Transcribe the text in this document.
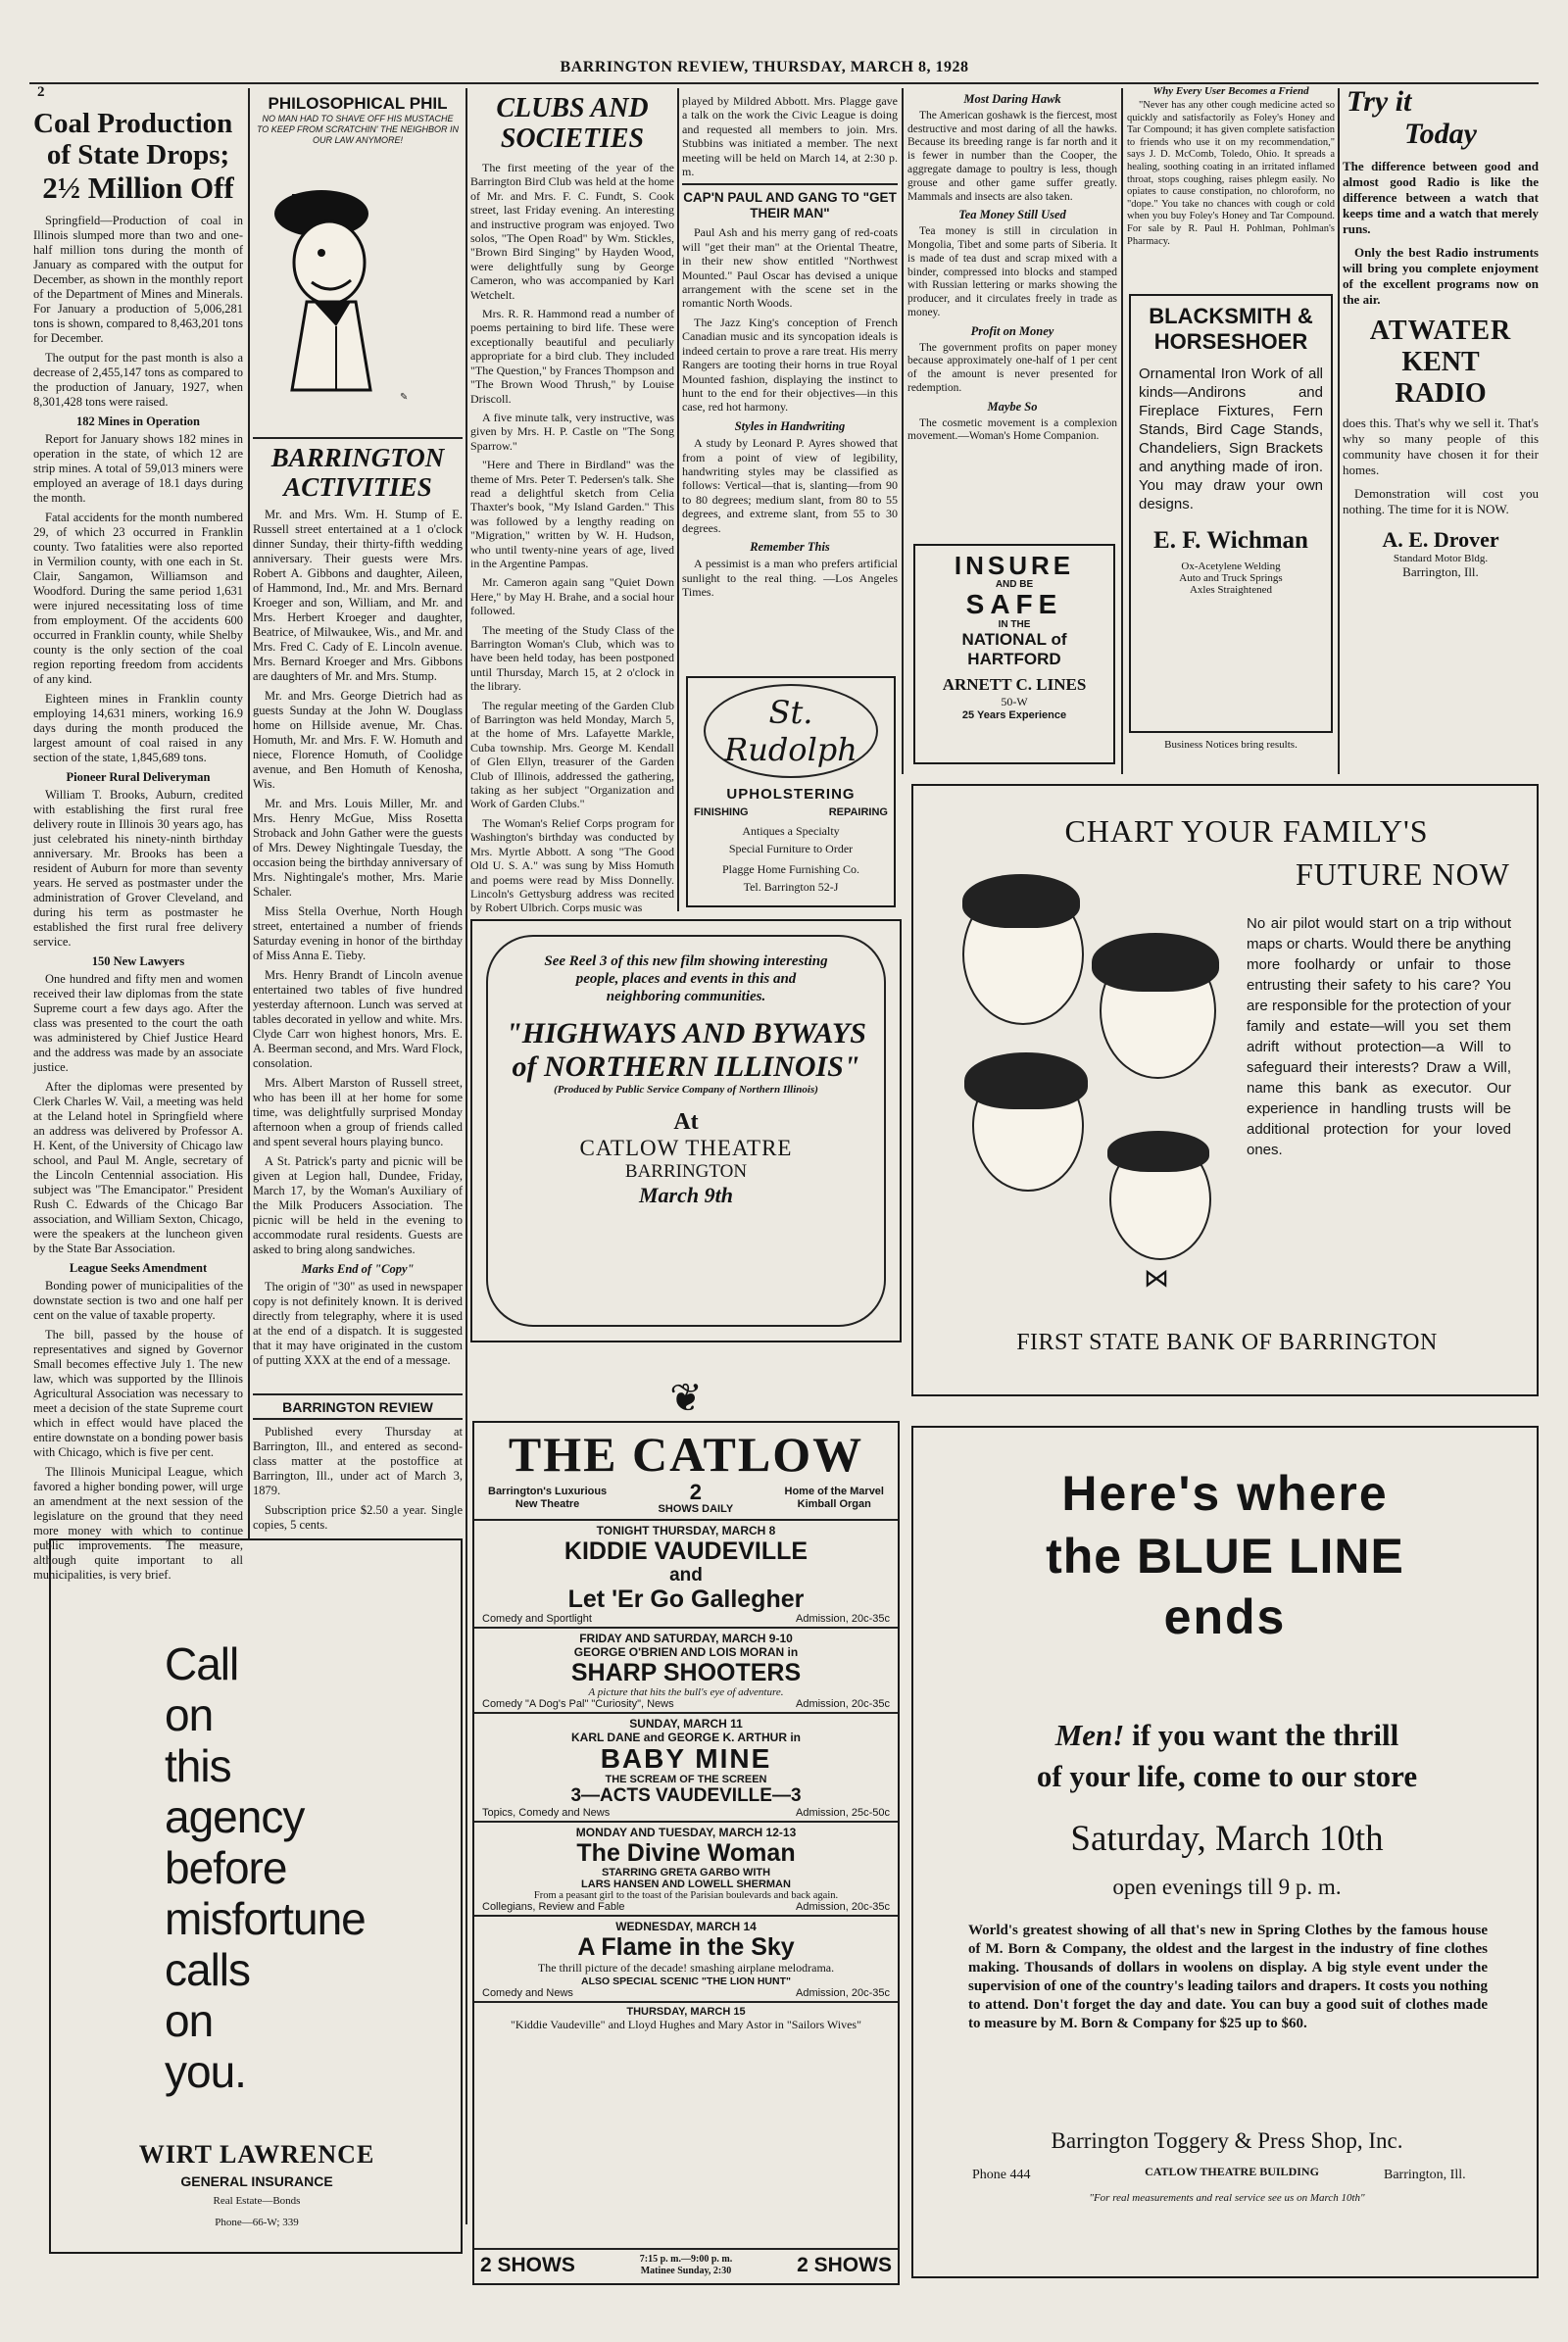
2
BARRINGTON REVIEW, THURSDAY, MARCH 8, 1928
Coal Production
of State Drops;
2½ Million Off

Springfield—Production of coal in Illinois slumped more than two and one-half million tons during the month of January as compared with the output for December, as shown in the monthly report of the Department of Mines and Minerals. For January a production of 5,006,281 tons is shown, compared to 8,463,201 tons for December.

The output for the past month is also a decrease of 2,455,147 tons as compared to the production of January, 1927, when 8,301,428 tons were raised.

182 Mines in Operation

Report for January shows 182 mines in operation in the state, of which 12 are strip mines. A total of 59,013 miners were employed an average of 18.1 days during the month.

Fatal accidents for the month numbered 29, of which 23 occurred in Franklin county. Two fatalities were also reported in Vermilion county, with one each in St. Clair, Sangamon, Williamson and Woodford. During the same period 1,631 were injured necessitating loss of time from employment. Of the accidents 600 occurred in Franklin county, while Shelby county is the only section of the coal region reporting freedom from accidents of any kind.

Eighteen mines in Franklin county employing 14,631 miners, working 16.9 days during the month produced the largest amount of coal raised in any section of the state, 1,845,689 tons.

Pioneer Rural Deliveryman

William T. Brooks, Auburn, credited with establishing the first rural free delivery route in Illinois 30 years ago, has just celebrated his ninety-ninth birthday anniversary. Mr. Brooks has been a resident of Auburn for more than seventy years. He served as postmaster under the administration of Grover Cleveland, and during his term as postmaster he established the first rural free delivery service.

150 New Lawyers

One hundred and fifty men and women received their law diplomas from the state Supreme court a few days ago. After the class was presented to the court the oath was administered by Chief Justice Heard and the address was made by an associate justice.

After the diplomas were presented by Clerk Charles W. Vail, a meeting was held at the Leland hotel in Springfield where an address was delivered by Professor A. H. Kent, of the University of Chicago law school, and Paul M. Angle, secretary of the Lincoln Centennial association. His subject was "The Emancipator." President Rush C. Edwards of the Chicago Bar association, and William Sexton, Chicago, were the speakers at the luncheon given by the State Bar Association.

League Seeks Amendment

Bonding power of municipalities of the downstate section is two and one half per cent on the value of taxable property.

The bill, passed by the house of representatives and signed by Governor Small becomes effective July 1. The new law, which was supported by the Illinois Agricultural Association was necessary to meet a decision of the state Supreme court which in effect would have placed the entire downstate on a bonding power basis with Chicago, which is five per cent.

The Illinois Municipal League, which favored a higher bonding power, will urge an amendment at the next session of the legislature on the ground that they need more money with which to continue public improvements. The measure, although quite important to all municipalities, is very brief.

PHILOSOPHICAL PHIL
NO MAN HAD TO SHAVE OFF HIS MUSTACHE
TO KEEP FROM SCRATCHIN' THE NEIGHBOR IN
OUR LAW ANYMORE!
✎
BARRINGTON
ACTIVITIES

Mr. and Mrs. Wm. H. Stump of E. Russell street entertained at a 1 o'clock dinner Sunday, their thirty-fifth wedding anniversary. Their guests were Mrs. Robert A. Gibbons and daughter, Aileen, of Hammond, Ind., Mr. and Mrs. Bernard Kroeger and son, William, and Mr. and Mrs. Herbert Kroeger and daughter, Beatrice, of Milwaukee, Wis., and Mr. and Mrs. Fred C. Cady of E. Lincoln avenue. Mrs. Bernard Kroeger and Mrs. Gibbons are daughters of Mr. and Mrs. Stump.

Mr. and Mrs. George Dietrich had as guests Sunday at the John W. Douglass home on Hillside avenue, Mr. Chas. Homuth, Mr. and Mrs. F. W. Homuth and niece, Florence Homuth, of Coolidge avenue, and Ben Homuth of Kenosha, Wis.

Mr. and Mrs. Louis Miller, Mr. and Mrs. Henry McGue, Miss Rosetta Stroback and John Gather were the guests of Mrs. Dewey Nightingale Tuesday, the occasion being the birthday anniversary of Mrs. Nightingale's mother, Mrs. Marie Schaler.

Miss Stella Overhue, North Hough street, entertained a number of friends Saturday evening in honor of the birthday of Miss Anna E. Tieby.

Mrs. Henry Brandt of Lincoln avenue entertained two tables of five hundred yesterday afternoon. Lunch was served at tables decorated in yellow and white. Mrs. Clyde Carr won highest honors, Mrs. E. A. Beerman second, and Mrs. Ward Flock, consolation.

Mrs. Albert Marston of Russell street, who has been ill at her home for some time, was delightfully surprised Monday afternoon when a group of friends called and spent several hours playing bunco.

A St. Patrick's party and picnic will be given at Legion hall, Dundee, Friday, March 17, by the Woman's Auxiliary of the Milk Producers Association. The picnic will be held in the evening to accommodate rural residents. Guests are asked to bring along sandwiches.

Marks End of "Copy"

The origin of "30" as used in newspaper copy is not definitely known. It is derived directly from telegraphy, where it is used at the end of a dispatch. It is suggested that it may have originated in the custom of putting XXX at the end of a message.

BARRINGTON REVIEW

Published every Thursday at Barrington, Ill., and entered as second-class matter at the postoffice at Barrington, Ill., under act of March 3, 1879.

Subscription price $2.50 a year. Single copies, 5 cents.

CLUBS AND
SOCIETIES

The first meeting of the year of the Barrington Bird Club was held at the home of Mr. and Mrs. F. C. Fundt, S. Cook street, last Friday evening. An interesting and instructive program was enjoyed. Two solos, "The Open Road" by Wm. Stickles, "Brown Bird Singing" by Hayden Wood, were delightfully sung by George Cameron, who was accompanied by Karl Wetchelt.

Mrs. R. R. Hammond read a number of poems pertaining to bird life. These were exceptionally beautiful and peculiarly appropriate for a bird club. They included "The Question," by Frances Thompson and "The Brown Wood Thrush," by Louise Driscoll.

A five minute talk, very instructive, was given by Mrs. H. P. Castle on "The Song Sparrow."

"Here and There in Birdland" was the theme of Mrs. Peter T. Pedersen's talk. She read a delightful sketch from Celia Thaxter's book, "My Island Garden." This was followed by a lengthy reading on "Migration," written by W. H. Hudson, who until twenty-nine years of age, lived in the Argentine Pampas.

Mr. Cameron again sang "Quiet Down Here," by May H. Brahe, and a social hour followed.

The meeting of the Study Class of the Barrington Woman's Club, which was to have been held today, has been postponed until Thursday, March 15, at 2 o'clock in the library.

The regular meeting of the Garden Club of Barrington was held Monday, March 5, at the home of Mrs. Lafayette Markle, Cuba township. Mrs. George M. Kendall of Glen Ellyn, treasurer of the Garden Club of Illinois, addressed the gathering, taking as her subject "Organization and Work of Garden Clubs."

The Woman's Relief Corps program for Washington's birthday was conducted by Mrs. Myrtle Abbott. A song "The Good Old U. S. A." was sung by Miss Homuth and poems were read by Miss Donnelly. Lincoln's Gettysburg address was recited by Robert Ulbrich. Corps music was

played by Mildred Abbott. Mrs. Plagge gave a talk on the work the Civic League is doing and requested all members to join. Mrs. Stubbins was initiated a member. The next meeting will be held on March 14, at 2:30 p. m.

CAP'N PAUL AND GANG TO "GET THEIR MAN"

Paul Ash and his merry gang of red-coats will "get their man" at the Oriental Theatre, in their new show entitled "Northwest Mounted." Paul Oscar has devised a unique arrangement with the scene set in the romantic North Woods.

The Jazz King's conception of French Canadian music and its syncopation ideals is indeed certain to prove a rare treat. His merry Rangers are tooting their horns in true Royal Mounted fashion, displaying the instinct to hunt to the end for their objectives—in this case, red hot harmony.

Styles in Handwriting

A study by Leonard P. Ayres showed that from a point of view of legibility, handwriting styles may be classified as follows: Vertical—that is, slanting—from 90 to 80 degrees; medium slant, from 80 to 55 degrees, and extreme slant, from 55 to 30 degrees.

Remember This

A pessimist is a man who prefers artificial sunlight to the real thing. —Los Angeles Times.

St. Rudolph
UPHOLSTERING
FINISHING	REPAIRING
Antiques a Specialty
Special Furniture to Order
Plagge Home Furnishing Co.
Tel. Barrington 52-J
Most Daring Hawk

The American goshawk is the fiercest, most destructive and most daring of all the hawks. Because its breeding range is far north and it is fewer in number than the Cooper, the aggregate damage to poultry is less, though grouse and other game suffer greatly. Mammals and insects are also taken.

Tea Money Still Used

Tea money is still in circulation in Mongolia, Tibet and some parts of Siberia. It is made of tea dust and scrap mixed with a binder, compressed into blocks and stamped with Russian lettering or marks showing the producer, and it circulates freely in trade as money.

Profit on Money

The government profits on paper money because approximately one-half of 1 per cent of the amount is never presented for redemption.

Maybe So

The cosmetic movement is a complexion movement.—Woman's Home Companion.

INSURE
AND BE
SAFE
IN THE
NATIONAL of
HARTFORD
ARNETT C. LINES
50-W
25 Years Experience
Why Every User Becomes a Friend

"Never has any other cough medicine acted so quickly and satisfactorily as Foley's Honey and Tar Compound; it has given complete satisfaction to friends who use it on my recommendation," says J. D. McComb, Toledo, Ohio. It spreads a healing, soothing coating in an irritated inflamed throat, stops coughing, raises phlegm easily. No opiates to cause constipation, no chloroform, no "dope." You take no chances with cough or cold when you buy Foley's Honey and Tar Compound. For sale by R. Paul H. Pohlman, Pohlman's Pharmacy.

BLACKSMITH &
HORSESHOER
Ornamental Iron Work of all kinds—Andirons and Fireplace Fixtures, Fern Stands, Bird Cage Stands, Chandeliers, Sign Brackets and anything made of iron. You may draw your own designs.
E. F. Wichman
Ox-Acetylene Welding
Auto and Truck Springs
Axles Straightened
Business Notices bring results.
Try it
Today
The difference between good and almost good Radio is like the difference between a watch that keeps time and a watch that merely runs.
Only the best Radio instruments will bring you complete enjoyment of the excellent programs now on the air.
ATWATER
KENT
RADIO
does this. That's why we sell it. That's why so many people of this community have chosen it for their homes.
Demonstration will cost you nothing. The time for it is NOW.
A. E. Drover
Standard Motor Bldg.
Barrington, Ill.
See Reel 3 of this new film showing interesting people, places and events in this and neighboring communities.
"HIGHWAYS AND BYWAYS
of NORTHERN ILLINOIS"
(Produced by Public Service Company of Northern Illinois)
At
CATLOW THEATRE
BARRINGTON
March 9th
CHART YOUR FAMILY'S
FUTURE NOW
⋈
No air pilot would start on a trip without maps or charts. Would there be anything more foolhardy or unfair to those entrusting their safety to his care? You are responsible for the protection of your family and estate—will you set them adrift without protection—a Will to safeguard their interests? Draw a Will, name this bank as executor. Our experience in handling trusts will be additional protection for your loved ones.
FIRST STATE BANK OF BARRINGTON
❦
THE CATLOW
Barrington's Luxurious
New Theatre	2
SHOWS DAILY
Home of the Marvel
Kimball Organ
TONIGHT THURSDAY, MARCH 8
KIDDIE VAUDEVILLE
and
Let 'Er Go Gallegher
Comedy and Sportlight	Admission, 20c-35c
FRIDAY AND SATURDAY, MARCH 9-10
GEORGE O'BRIEN AND LOIS MORAN in
SHARP SHOOTERS
A picture that hits the bull's eye of adventure.
Comedy "A Dog's Pal" "Curiosity", News	Admission, 20c-35c
SUNDAY, MARCH 11
KARL DANE and GEORGE K. ARTHUR in
BABY MINE
THE SCREAM OF THE SCREEN
3—ACTS VAUDEVILLE—3
Topics, Comedy and News	Admission, 25c-50c
MONDAY AND TUESDAY, MARCH 12-13
The Divine Woman
STARRING GRETA GARBO WITH
LARS HANSEN AND LOWELL SHERMAN
From a peasant girl to the toast of the Parisian boulevards and back again.
Collegians, Review and Fable	Admission, 20c-35c
WEDNESDAY, MARCH 14
A Flame in the Sky
The thrill picture of the decade! smashing airplane melodrama.
ALSO SPECIAL SCENIC "THE LION HUNT"
Comedy and News	Admission, 20c-35c
THURSDAY, MARCH 15
"Kiddie Vaudeville" and Lloyd Hughes and Mary Astor in "Sailors Wives"
2 SHOWS	7:15 p. m.—9:00 p. m.
Matinee Sunday, 2:30	2 SHOWS
Call
on
this
agency
before
misfortune
calls
on
you.
WIRT LAWRENCE
GENERAL INSURANCE
Real Estate—Bonds
Phone—66-W; 339
Here's where
the BLUE LINE
ends
Men! if you want the thrill
of your life, come to our store
Saturday, March 10th
open evenings till 9 p. m.
World's greatest showing of all that's new in Spring Clothes by the famous house of M. Born & Company, the oldest and the largest in the industry of fine clothes making. Thousands of dollars in woolens on display. A big style event under the supervision of one of the country's leading tailors and drapers. It costs you nothing to attend. Don't forget the day and date. You can buy a good suit of clothes made to measure by M. Born & Company for $25 up to $60.
Barrington Toggery & Press Shop, Inc.
Phone 444	CATLOW THEATRE BUILDING	Barrington, Ill.
"For real measurements and real service see us on March 10th"
